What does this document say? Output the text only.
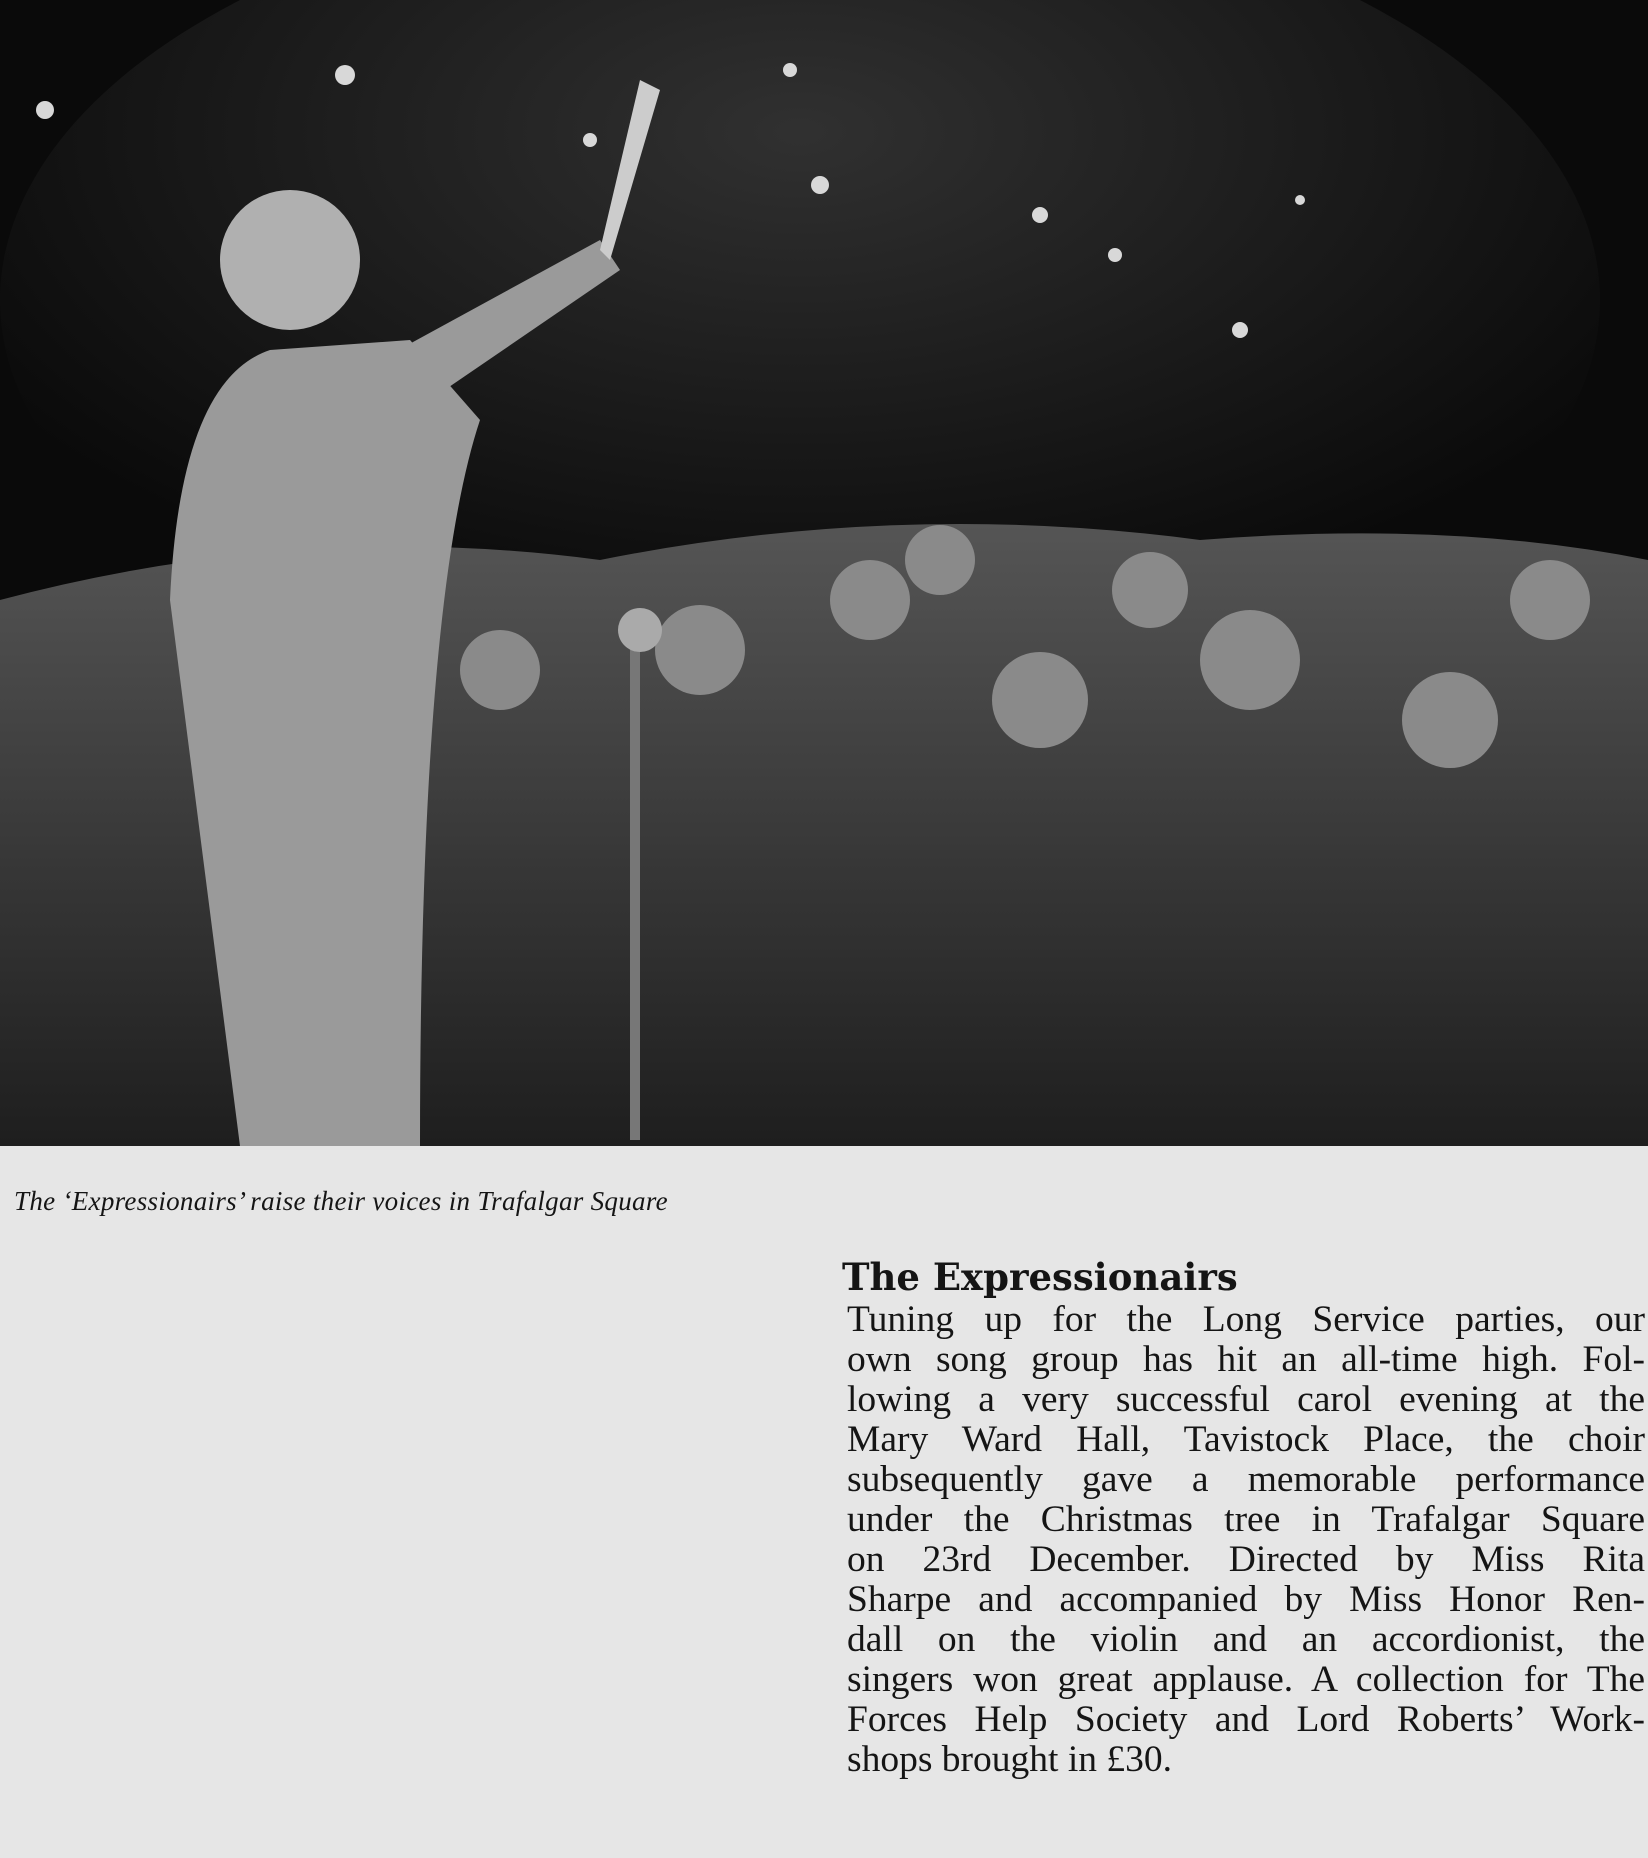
The ‘Expressionairs’ raise their voices in Trafalgar Square
The Expressionairs
Tuning up for the Long Service parties, our
own song group has hit an all-time high. Fol-
lowing a very successful carol evening at the
Mary Ward Hall, Tavistock Place, the choir
subsequently gave a memorable performance
under the Christmas tree in Trafalgar Square
on 23rd December. Directed by Miss Rita
Sharpe and accompanied by Miss Honor Ren-
dall on the violin and an accordionist, the
singers won great applause. A collection for The
Forces Help Society and Lord Roberts’ Work-
shops brought in £30.
